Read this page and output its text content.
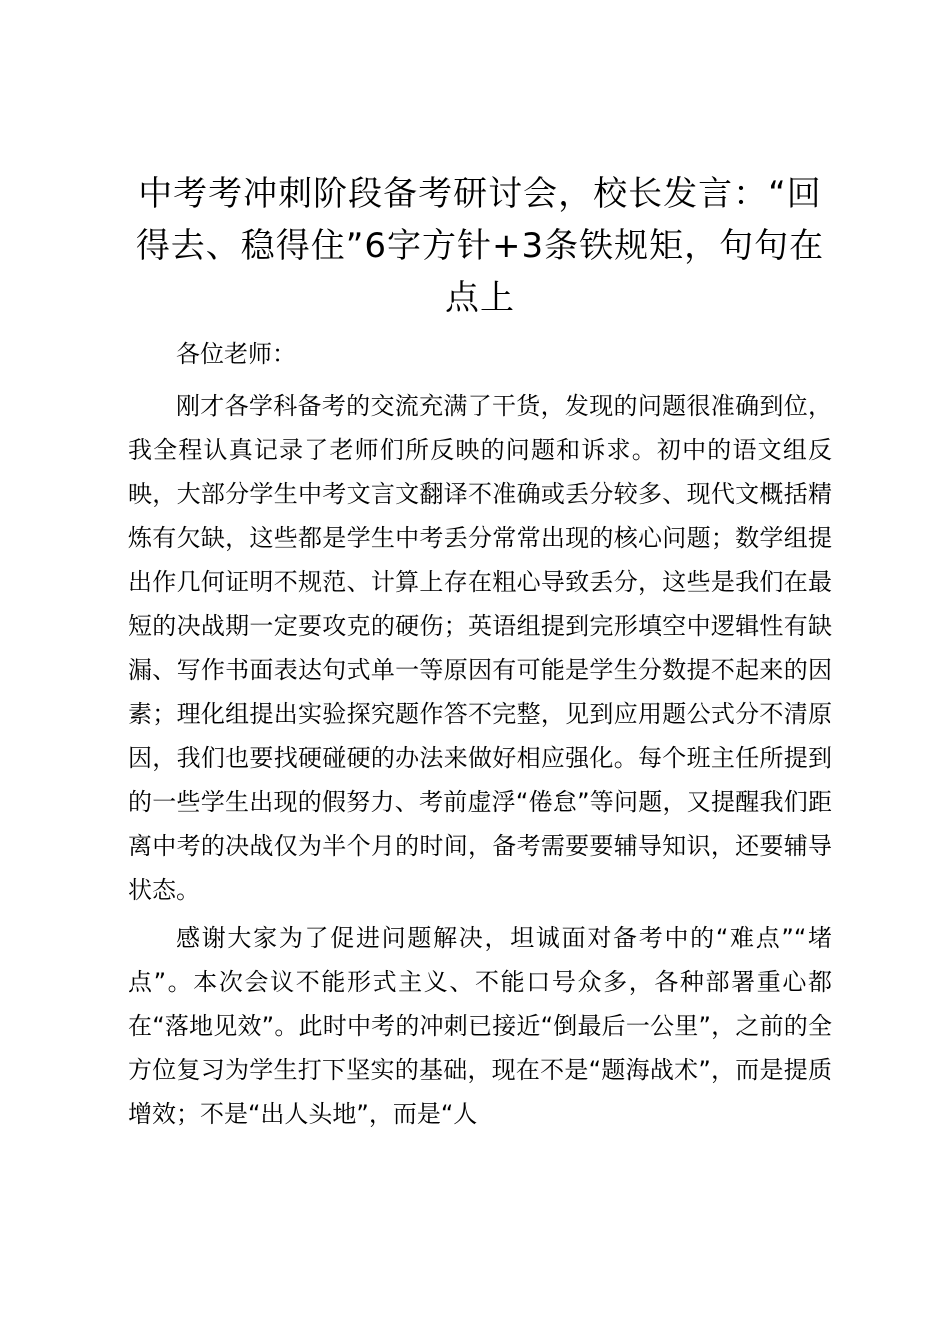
中考考冲刺阶段备考研讨会，校长发言：“回得去、稳得住”6字方针+3条铁规矩，句句在点上

各位老师：

刚才各学科备考的交流充满了干货，发现的问题很准确到位，我全程认真记录了老师们所反映的问题和诉求。初中的语文组反映，大部分学生中考文言文翻译不准确或丢分较多、现代文概括精炼有欠缺，这些都是学生中考丢分常常出现的核心问题；数学组提出作几何证明不规范、计算上存在粗心导致丢分，这些是我们在最短的决战期一定要攻克的硬伤；英语组提到完形填空中逻辑性有缺漏、写作书面表达句式单一等原因有可能是学生分数提不起来的因素；理化组提出实验探究题作答不完整，见到应用题公式分不清原因，我们也要找硬碰硬的办法来做好相应强化。每个班主任所提到的一些学生出现的假努力、考前虚浮“倦怠”等问题，又提醒我们距离中考的决战仅为半个月的时间，备考需要要辅导知识，还要辅导状态。

感谢大家为了促进问题解决，坦诚面对备考中的“难点”“堵点”。本次会议不能形式主义、不能口号众多，各种部署重心都在“落地见效”。此时中考的冲刺已接近“倒最后一公里”，之前的全方位复习为学生打下坚实的基础，现在不是“题海战术”，而是提质增效；不是“出人头地”，而是“人
